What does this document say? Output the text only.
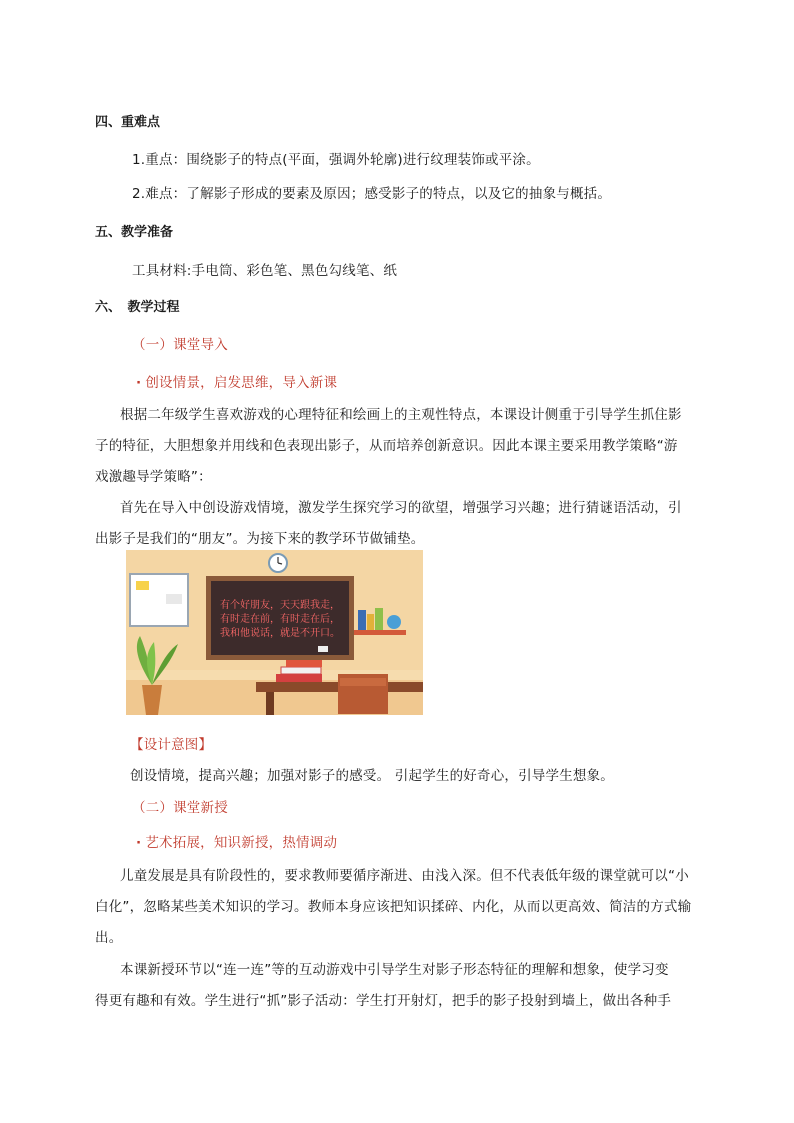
四、重难点
1.重点：围绕影子的特点(平面，强调外轮廓)进行纹理装饰或平涂。
2.难点：了解影子形成的要素及原因；感受影子的特点，以及它的抽象与概括。
五、教学准备
工具材料:手电筒、彩色笔、黑色勾线笔、纸
六、　教学过程
（一）课堂导入
· 创设情景，启发思维，导入新课
根据二年级学生喜欢游戏的心理特征和绘画上的主观性特点，本课设计侧重于引导学生抓住影
子的特征，大胆想象并用线和色表现出影子，从而培养创新意识。因此本课主要采用教学策略“游
戏激趣导学策略”：
首先在导入中创设游戏情境，激发学生探究学习的欲望，增强学习兴趣；进行猜谜语活动，引
出影子是我们的“朋友”。为接下来的教学环节做铺垫。
有个好朋友，天天跟我走，
有时走在前，有时走在后，
我和他说话，就是不开口。
【设计意图】
创设情境，提高兴趣；加强对影子的感受。 引起学生的好奇心，引导学生想象。
（二）课堂新授
· 艺术拓展，知识新授，热情调动
儿童发展是具有阶段性的，要求教师要循序渐进、由浅入深。但不代表低年级的课堂就可以“小
白化”，忽略某些美术知识的学习。教师本身应该把知识揉碎、内化，从而以更高效、简洁的方式输
出。
本课新授环节以“连一连”等的互动游戏中引导学生对影子形态特征的理解和想象，使学习变
得更有趣和有效。学生进行“抓”影子活动：学生打开射灯，把手的影子投射到墙上，做出各种手
